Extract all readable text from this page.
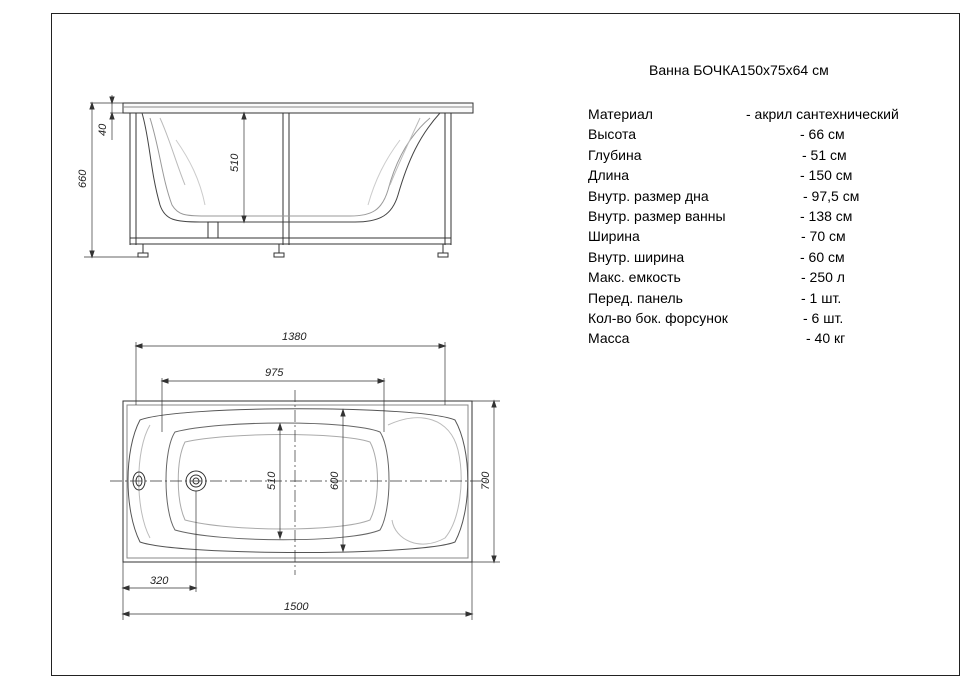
40
660
510
1380
975
510	600	700
320
1500
Ванна БОЧКА150х75х64 см
Материал	- акрил сантехнический
Высота	- 66 см
Глубина	- 51 см
Длина	- 150 см
Внутр. размер дна	- 97,5 см
Внутр. размер ванны	- 138 см
Ширина	- 70 см
Внутр. ширина	- 60 см
Макс. емкость	- 250 л
Перед. панель	- 1 шт.
Кол-во бок. форсунок	- 6 шт.
Масса	- 40 кг
